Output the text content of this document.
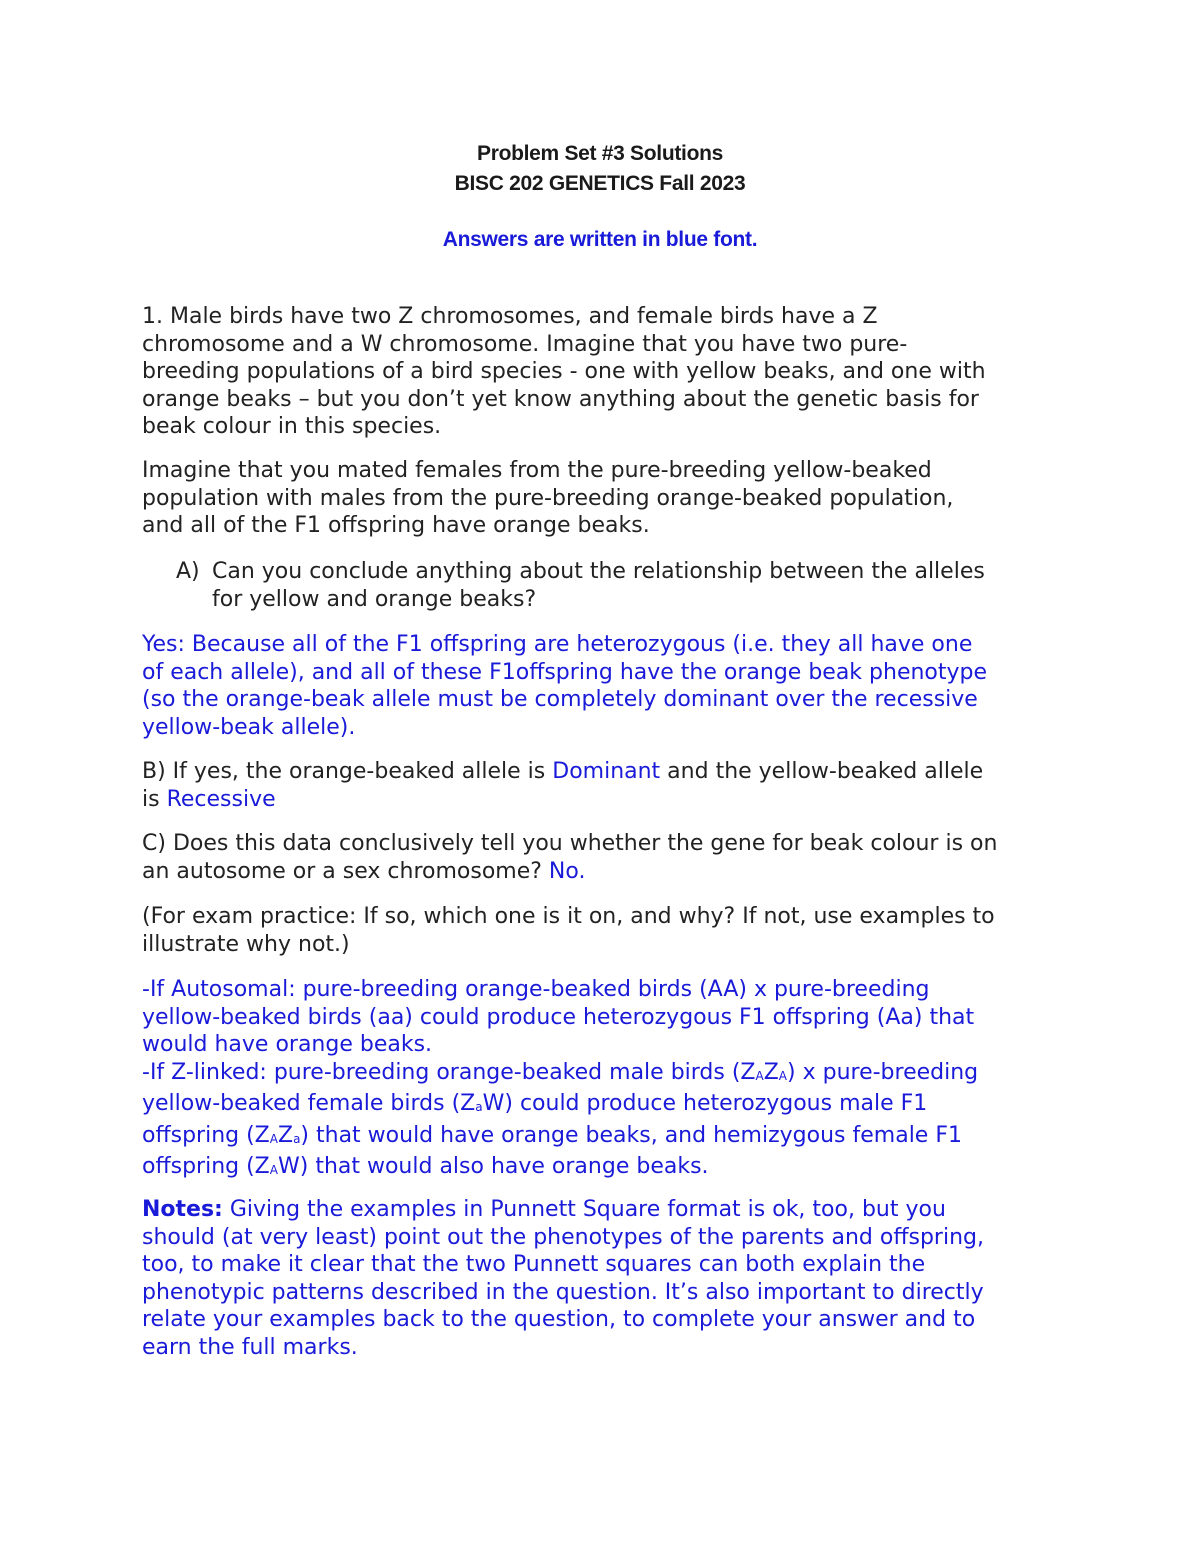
Problem Set #3 Solutions
BISC 202 GENETICS Fall 2023
Answers are written in blue font.
1. Male birds have two Z chromosomes, and female birds have a Z
chromosome and a W chromosome. Imagine that you have two pure-
breeding populations of a bird species - one with yellow beaks, and one with
orange beaks – but you don’t yet know anything about the genetic basis for
beak colour in this species.
Imagine that you mated females from the pure-breeding yellow-beaked
population with males from the pure-breeding orange-beaked population,
and all of the F1 offspring have orange beaks.
A) Can you conclude anything about the relationship between the alleles
for yellow and orange beaks?
Yes: Because all of the F1 offspring are heterozygous (i.e. they all have one
of each allele), and all of these F1offspring have the orange beak phenotype
(so the orange-beak allele must be completely dominant over the recessive
yellow-beak allele).
B) If yes, the orange-beaked allele is Dominant and the yellow-beaked allele
is Recessive
C) Does this data conclusively tell you whether the gene for beak colour is on
an autosome or a sex chromosome? No.
(For exam practice: If so, which one is it on, and why? If not, use examples to
illustrate why not.)
-If Autosomal: pure-breeding orange-beaked birds (AA) x pure-breeding
yellow-beaked birds (aa) could produce heterozygous F1 offspring (Aa) that
would have orange beaks.
-If Z-linked: pure-breeding orange-beaked male birds (ZAZA) x pure-breeding
yellow-beaked female birds (ZaW) could produce heterozygous male F1
offspring (ZAZa) that would have orange beaks, and hemizygous female F1
offspring (ZAW) that would also have orange beaks.
Notes: Giving the examples in Punnett Square format is ok, too, but you
should (at very least) point out the phenotypes of the parents and offspring,
too, to make it clear that the two Punnett squares can both explain the
phenotypic patterns described in the question. It’s also important to directly
relate your examples back to the question, to complete your answer and to
earn the full marks.
